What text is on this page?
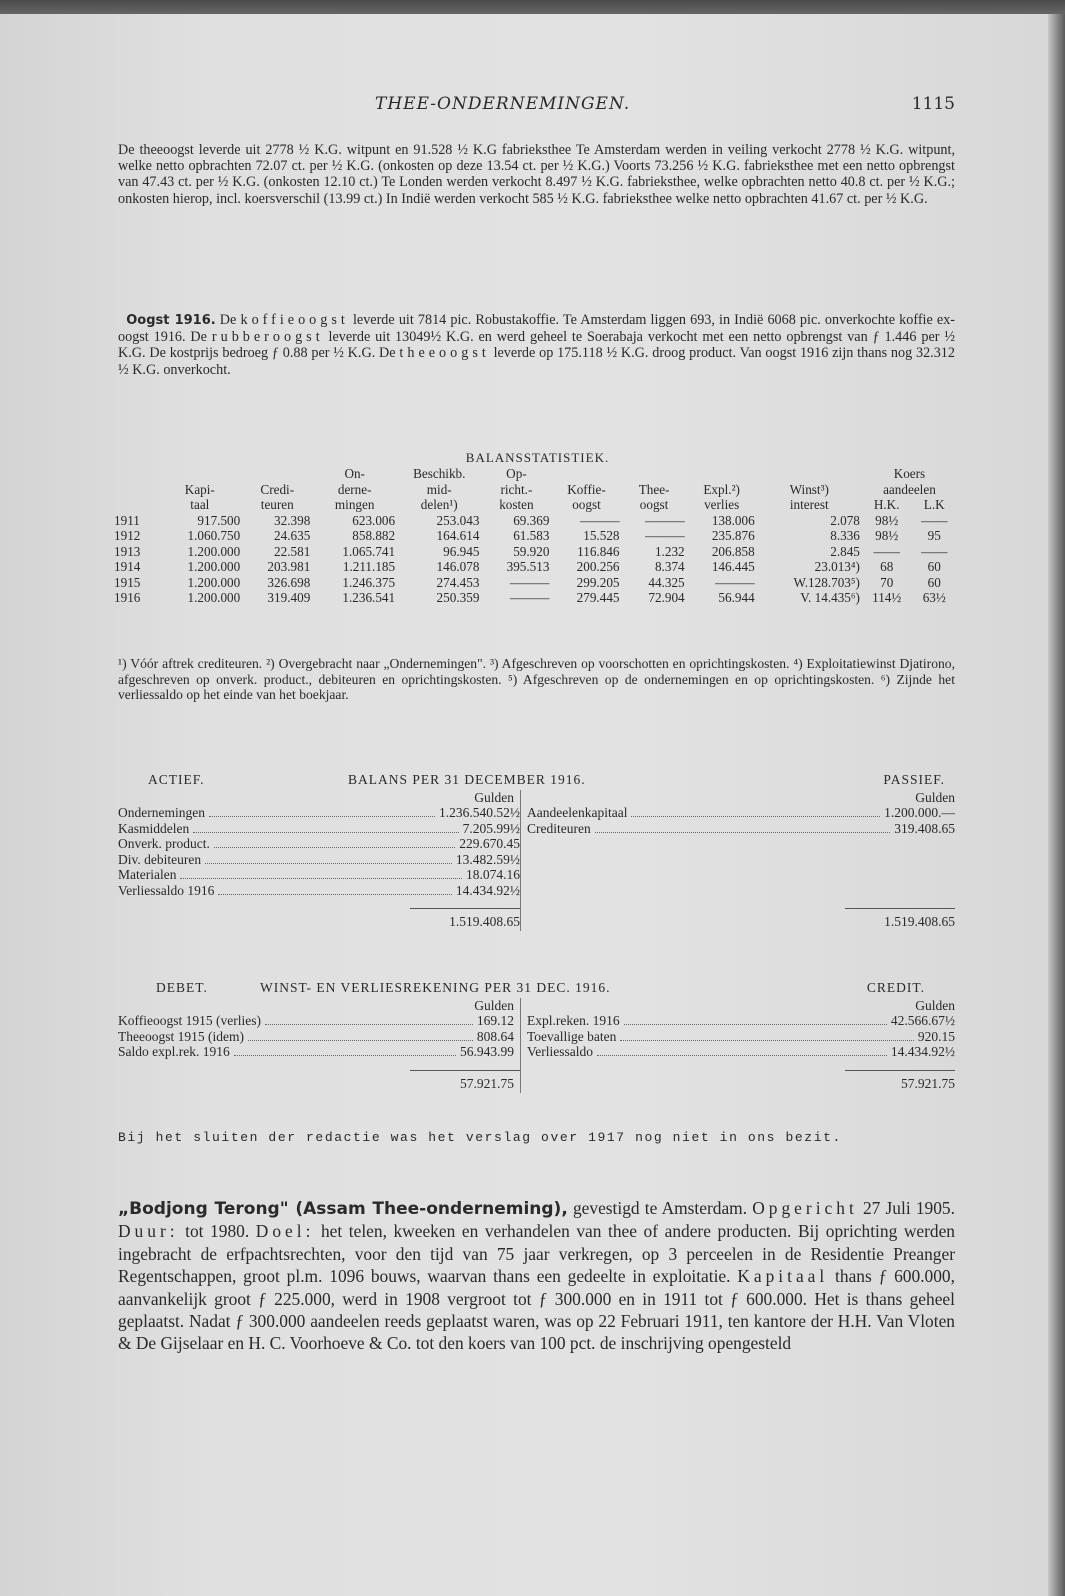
THEE-ONDERNEMINGEN.	1115

De theeoogst leverde uit 2778 ½ K.G. witpunt en 91.528 ½ K.G fabrieksthee Te Amsterdam werden in veiling verkocht 2778 ½ K.G. witpunt, welke netto opbrachten 72.07 ct. per ½ K.G. (onkosten op deze 13.54 ct. per ½ K.G.) Voorts 73.256 ½ K.G. fabrieksthee met een netto opbrengst van 47.43 ct. per ½ K.G. (onkosten 12.10 ct.) Te Londen werden verkocht 8.497 ½ K.G. fabrieksthee, welke opbrachten netto 40.8 ct. per ½ K.G.; onkosten hierop, incl. koersverschil (13.99 ct.) In Indië werden verkocht 585 ½ K.G. fabrieksthee welke netto opbrachten 41.67 ct. per ½ K.G.

Oogst 1916. De koffieoogst leverde uit 7814 pic. Robustakoffie. Te Amsterdam liggen 693, in Indië 6068 pic. onverkochte koffie ex-oogst 1916. De rubberoogst leverde uit 13049½ K.G. en werd geheel te Soerabaja verkocht met een netto opbrengst van ƒ 1.446 per ½ K.G. De kostprijs bedroeg ƒ 0.88 per ½ K.G. De theeoogst leverde op 175.118 ½ K.G. droog product. Van oogst 1916 zijn thans nog 32.312 ½ K.G. onverkocht.

BALANSSTATISTIEK.
			On-	Beschikb.	Op-					Koers	
	Kapi-	Credi-	derne-	mid-	richt.-	Koffie-	Thee-	Expl.²)	Winst³)	aandeelen	
	taal	teuren	mingen	delen¹)	kosten	oogst	oogst	verlies	interest	H.K.	L.K
1911	917.500	32.398	623.006	253.043	69.369	———	———	138.006	2.078	98½	——
1912	1.060.750	24.635	858.882	164.614	61.583	15.528	———	235.876	8.336	98½	95
1913	1.200.000	22.581	1.065.741	96.945	59.920	116.846	1.232	206.858	2.845	——	——
1914	1.200.000	203.981	1.211.185	146.078	395.513	200.256	8.374	146.445	23.013⁴)	68	60
1915	1.200.000	326.698	1.246.375	274.453	———	299.205	44.325	———	W.128.703⁵)	70	60
1916	1.200.000	319.409	1.236.541	250.359	———	279.445	72.904	56.944	V. 14.435⁶)	114½	63½

¹) Vóór aftrek crediteuren. ²) Overgebracht naar „Ondernemingen". ³) Afgeschreven op voorschotten en oprichtingskosten. ⁴) Exploitatiewinst Djatirono, afgeschreven op onverk. product., debiteuren en oprichtingskosten. ⁵) Afgeschreven op de ondernemingen en op oprichtingskosten. ⁶) Zijnde het verliessaldo op het einde van het boekjaar.

ACTIEF.	BALANS PER 31 DECEMBER 1916.	PASSIEF.
Gulden
Ondernemingen	1.236.540.52½
Kasmiddelen	7.205.99½
Onverk. product.	229.670.45
Div. debiteuren	13.482.59½
Materialen	18.074.16
Verliessaldo 1916	14.434.92½
1.519.408.65
Gulden
Aandeelenkapitaal	1.200.000.—
Crediteuren	319.408.65
1.519.408.65
DEBET.	WINST- EN VERLIESREKENING PER 31 DEC. 1916.	CREDIT.
Gulden
Koffieoogst 1915 (verlies)	169.12
Theeoogst 1915 (idem)	808.64
Saldo expl.rek. 1916	56.943.99
57.921.75
Gulden
Expl.reken. 1916	42.566.67½
Toevallige baten	920.15
Verliessaldo	14.434.92½
57.921.75
Bij het sluiten der redactie was het verslag over 1917 nog niet in ons bezit.

„Bodjong Terong" (Assam Thee-onderneming), gevestigd te Amsterdam. Opgericht 27 Juli 1905. Duur: tot 1980. Doel: het telen, kweeken en verhandelen van thee of andere producten. Bij oprichting werden ingebracht de erfpachtsrechten, voor den tijd van 75 jaar verkregen, op 3 perceelen in de Residentie Preanger Regentschappen, groot pl.m. 1096 bouws, waarvan thans een gedeelte in exploitatie. Kapitaal thans ƒ 600.000, aanvankelijk groot ƒ 225.000, werd in 1908 vergroot tot ƒ 300.000 en in 1911 tot ƒ 600.000. Het is thans geheel geplaatst. Nadat ƒ 300.000 aandeelen reeds geplaatst waren, was op 22 Februari 1911, ten kantore der H.H. Van Vloten & De Gijselaar en H. C. Voorhoeve & Co. tot den koers van 100 pct. de inschrijving opengesteld
